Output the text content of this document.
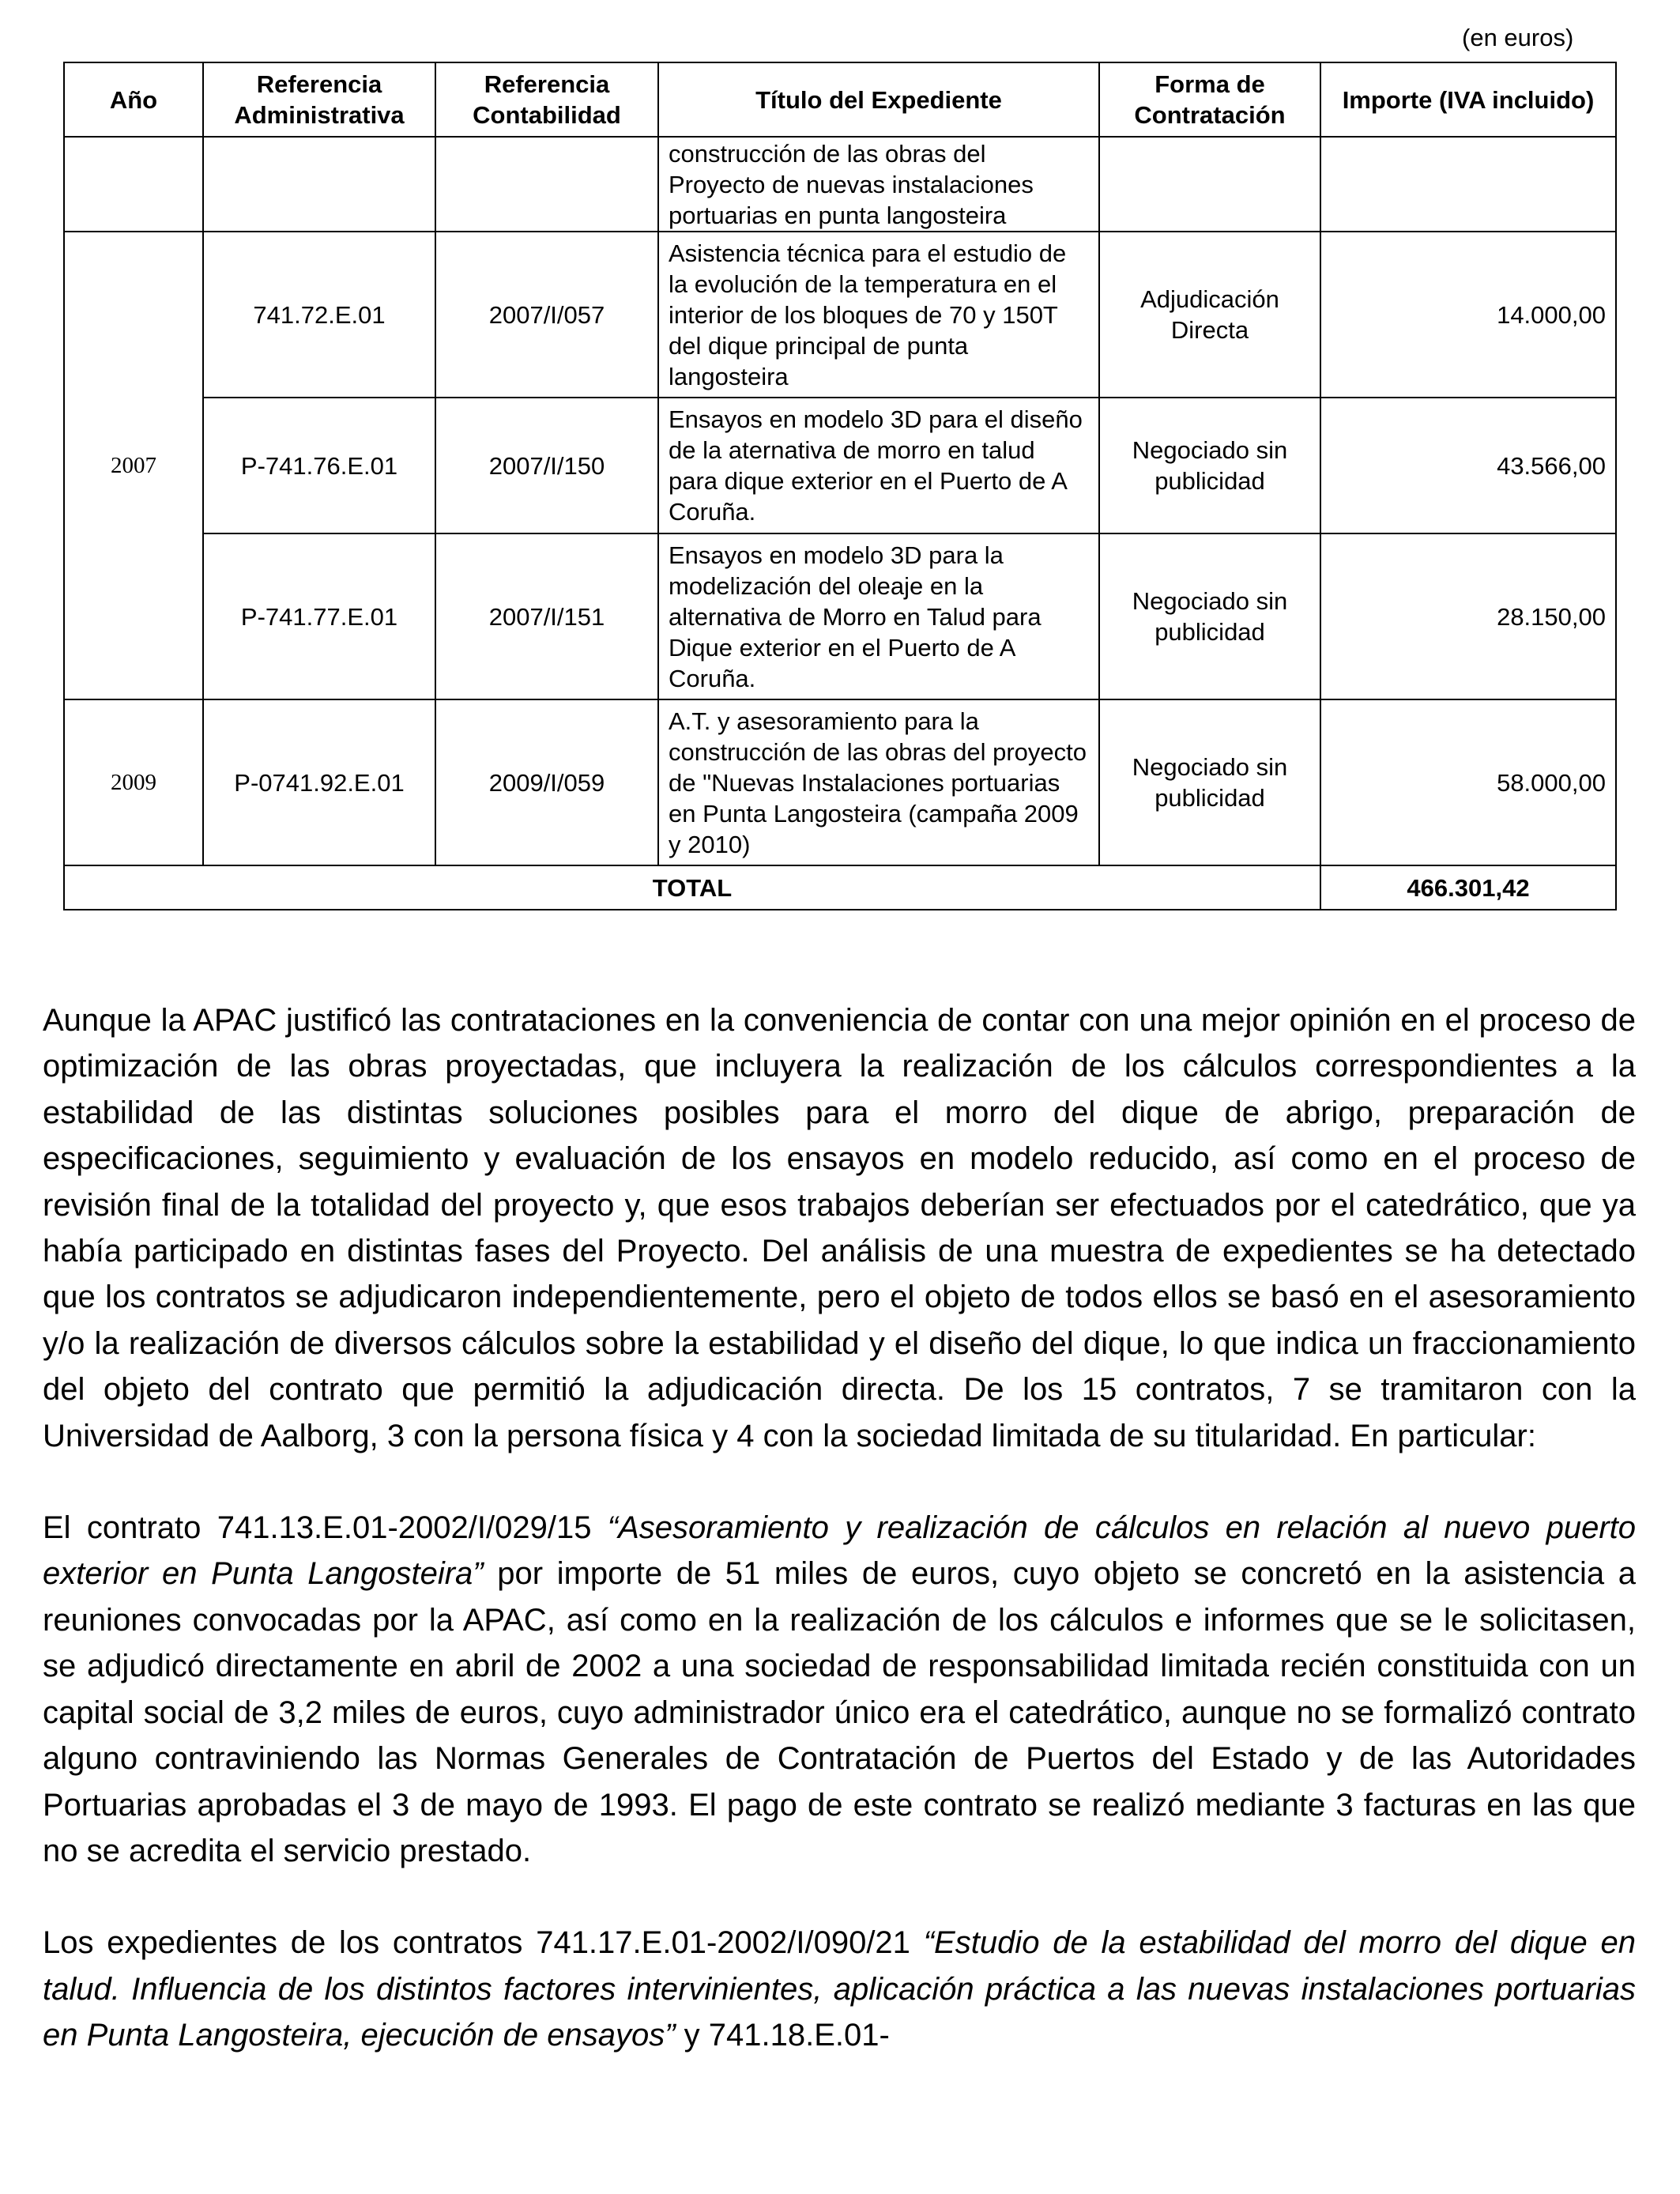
(en euros)
Año	Referencia Administrativa	Referencia Contabilidad	Título del Expediente	Forma de Contratación	Importe (IVA incluido)
			construcción de las obras del Proyecto de nuevas instalaciones portuarias en punta langosteira		
2007	741.72.E.01	2007/I/057	Asistencia técnica para el estudio de la evolución de la temperatura en el interior de los bloques de 70 y 150T del dique principal de punta langosteira	Adjudicación Directa	14.000,00
	P-741.76.E.01	2007/I/150	Ensayos en modelo 3D para el diseño de la aternativa de morro en talud para dique exterior en el Puerto de A Coruña.	Negociado sin publicidad	43.566,00
	P-741.77.E.01	2007/I/151	Ensayos en modelo 3D para la modelización del oleaje en la alternativa de Morro en Talud para Dique exterior en el Puerto de A Coruña.	Negociado sin publicidad	28.150,00
2009	P-0741.92.E.01	2009/I/059	A.T. y asesoramiento para la construcción de las obras del proyecto de "Nuevas Instalaciones portuarias en Punta Langosteira (campaña 2009 y 2010)	Negociado sin publicidad	58.000,00
TOTAL					466.301,42

Aunque la APAC justificó las contrataciones en la conveniencia de contar con una mejor opinión en el proceso de optimización de las obras proyectadas, que incluyera la realización de los cálculos correspondientes a la estabilidad de las distintas soluciones posibles para el morro del dique de abrigo, preparación de especificaciones, seguimiento y evaluación de los ensayos en modelo reducido, así como en el proceso de revisión final de la totalidad del proyecto y, que esos trabajos deberían ser efectuados por el catedrático, que ya había participado en distintas fases del Proyecto. Del análisis de una muestra de expedientes se ha detectado que los contratos se adjudicaron independientemente, pero el objeto de todos ellos se basó en el asesoramiento y/o la realización de diversos cálculos sobre la estabilidad y el diseño del dique, lo que indica un fraccionamiento del objeto del contrato que permitió la adjudicación directa. De los 15 contratos, 7 se tramitaron con la Universidad de Aalborg, 3 con la persona física y 4 con la sociedad limitada de su titularidad. En particular:

El contrato 741.13.E.01-2002/I/029/15 “Asesoramiento y realización de cálculos en relación al nuevo puerto exterior en Punta Langosteira” por importe de 51 miles de euros, cuyo objeto se concretó en la asistencia a reuniones convocadas por la APAC, así como en la realización de los cálculos e informes que se le solicitasen, se adjudicó directamente en abril de 2002 a una sociedad de responsabilidad limitada recién constituida con un capital social de 3,2 miles de euros, cuyo administrador único era el catedrático, aunque no se formalizó contrato alguno contraviniendo las Normas Generales de Contratación de Puertos del Estado y de las Autoridades Portuarias aprobadas el 3 de mayo de 1993. El pago de este contrato se realizó mediante 3 facturas en las que no se acredita el servicio prestado.

Los expedientes de los contratos 741.17.E.01-2002/I/090/21 “Estudio de la estabilidad del morro del dique en talud. Influencia de los distintos factores intervinientes, aplicación práctica a las nuevas instalaciones portuarias en Punta Langosteira, ejecución de ensayos” y 741.18.E.01-
